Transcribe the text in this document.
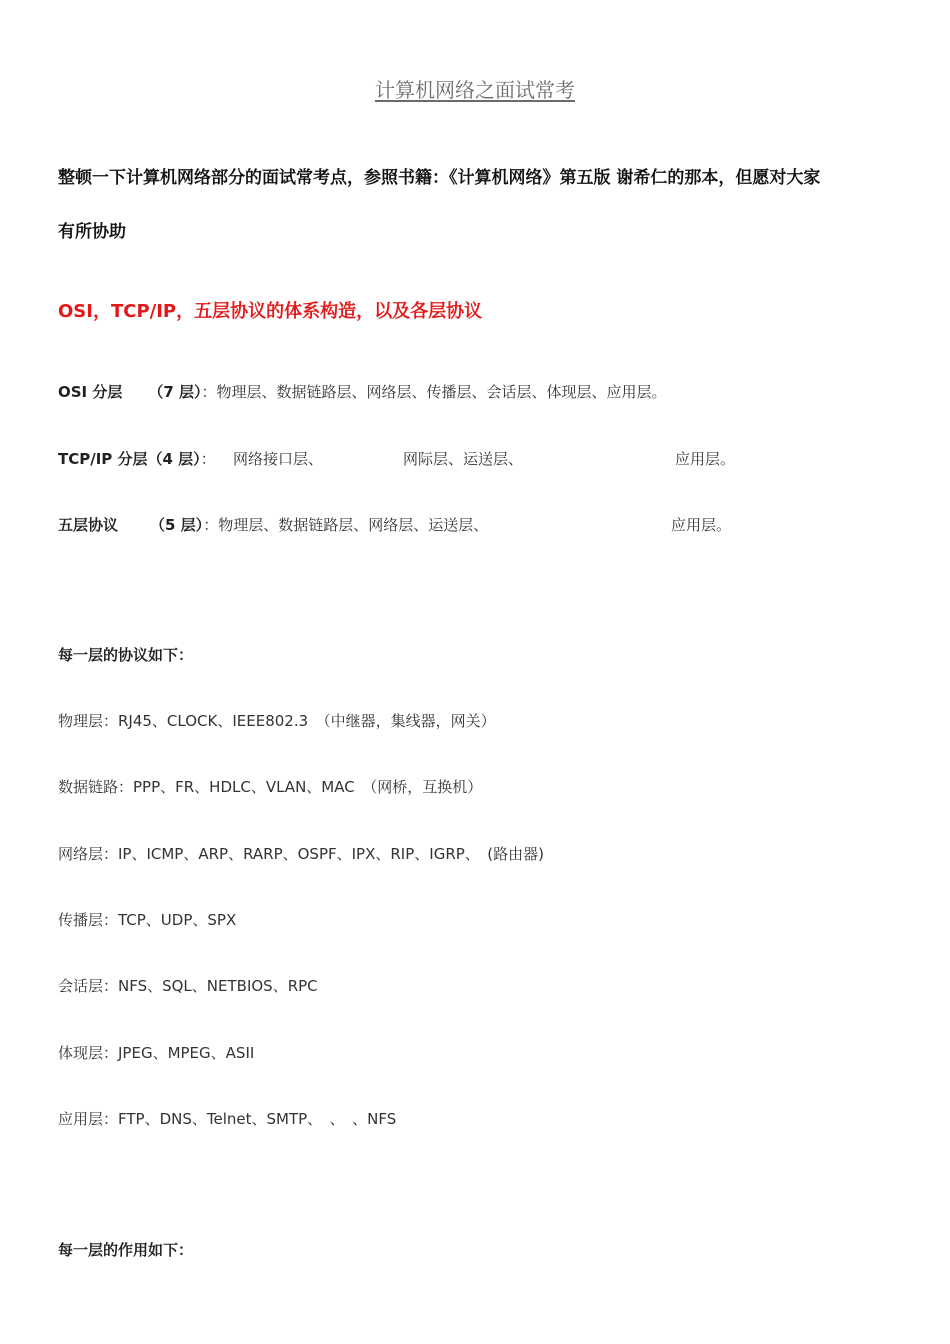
计算机网络之面试常考
整顿一下计算机网络部分的面试常考点，参照书籍：《计算机网络》第五版 谢希仁的那本，但愿对大家
有所协助
OSI，TCP/IP，五层协议的体系构造，以及各层协议
OSI 分层 （7 层）：物理层、数据链路层、网络层、传播层、会话层、体现层、应用层。
TCP/IP 分层（4 层）： 网络接口层、	网际层、运送层、	应用层。
五层协议 （5 层）：物理层、数据链路层、网络层、运送层、	应用层。
每一层的协议如下：
物理层：RJ45、CLOCK、IEEE802.3　（中继器，集线器，网关）
数据链路：PPP、FR、HDLC、VLAN、MAC　（网桥，互换机）
网络层：IP、ICMP、ARP、RARP、OSPF、IPX、RIP、IGRP、　(路由器)
传播层：TCP、UDP、SPX
会话层：NFS、SQL、NETBIOS、RPC
体现层：JPEG、MPEG、ASII
应用层：FTP、DNS、Telnet、SMTP、　、　、NFS
每一层的作用如下：
